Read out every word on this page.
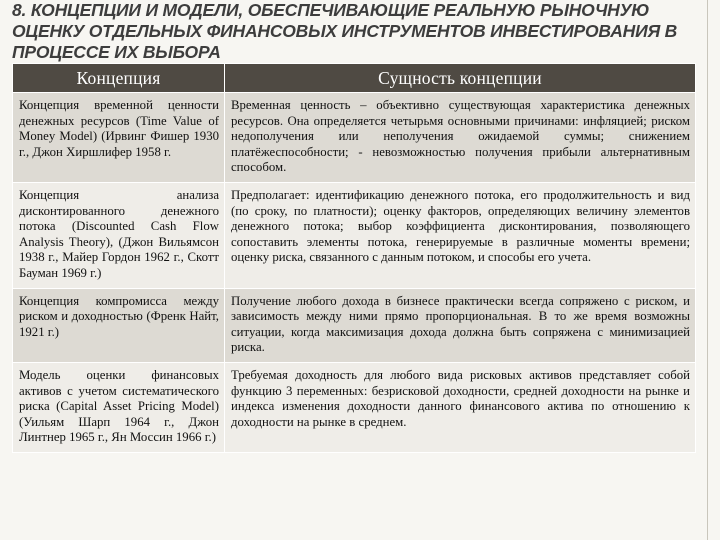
8. КОНЦЕПЦИИ И МОДЕЛИ, ОБЕСПЕЧИВАЮЩИЕ РЕАЛЬНУЮ РЫНОЧНУЮ ОЦЕНКУ ОТДЕЛЬНЫХ ФИНАНСОВЫХ ИНСТРУМЕНТОВ ИНВЕСТИРОВАНИЯ В ПРОЦЕССЕ ИХ ВЫБОРА
Концепция	Сущность концепции
Концепция временной ценности денежных ресурсов (Time Value of Money Model) (Ирвинг Фишер 1930 г., Джон Хиршлифер 1958 г.	Временная ценность – объективно существующая характеристика денежных ресурсов. Она определяется четырьмя основными причинами: инфляцией; риском недополучения или неполучения ожидаемой суммы; снижением платёжеспособности; - невозможностью получения прибыли альтернативным способом.
Концепция анализа дисконтированного денежного потока (Discounted Cash Flow Analysis Theory), (Джон Вильямсон 1938 г., Майер Гордон 1962 г., Скотт Бауман 1969 г.)	Предполагает: идентификацию денежного потока, его продолжительность и вид (по сроку, по платности); оценку факторов, определяющих величину элементов денежного потока; выбор коэффициента дисконтирования, позволяющего сопоставить элементы потока, генерируемые в различные моменты времени; оценку риска, связанного с данным потоком, и способы его учета.
Концепция компромисса между риском и доходностью (Френк Найт, 1921 г.)	Получение любого дохода в бизнесе практически всегда сопряжено с риском, и зависимость между ними прямо пропорциональная. В то же время возможны ситуации, когда максимизация дохода должна быть сопряжена с минимизацией риска.
Модель оценки финансовых активов с учетом систематического риска (Capital Asset Pricing Model) (Уильям Шарп 1964 г., Джон Линтнер 1965 г., Ян Моссин 1966 г.)	Требуемая доходность для любого вида рисковых активов представляет собой функцию 3 переменных: безрисковой доходности, средней доходности на рынке и индекса изменения доходности данного финансового актива по отношению к доходности на рынке в среднем.
